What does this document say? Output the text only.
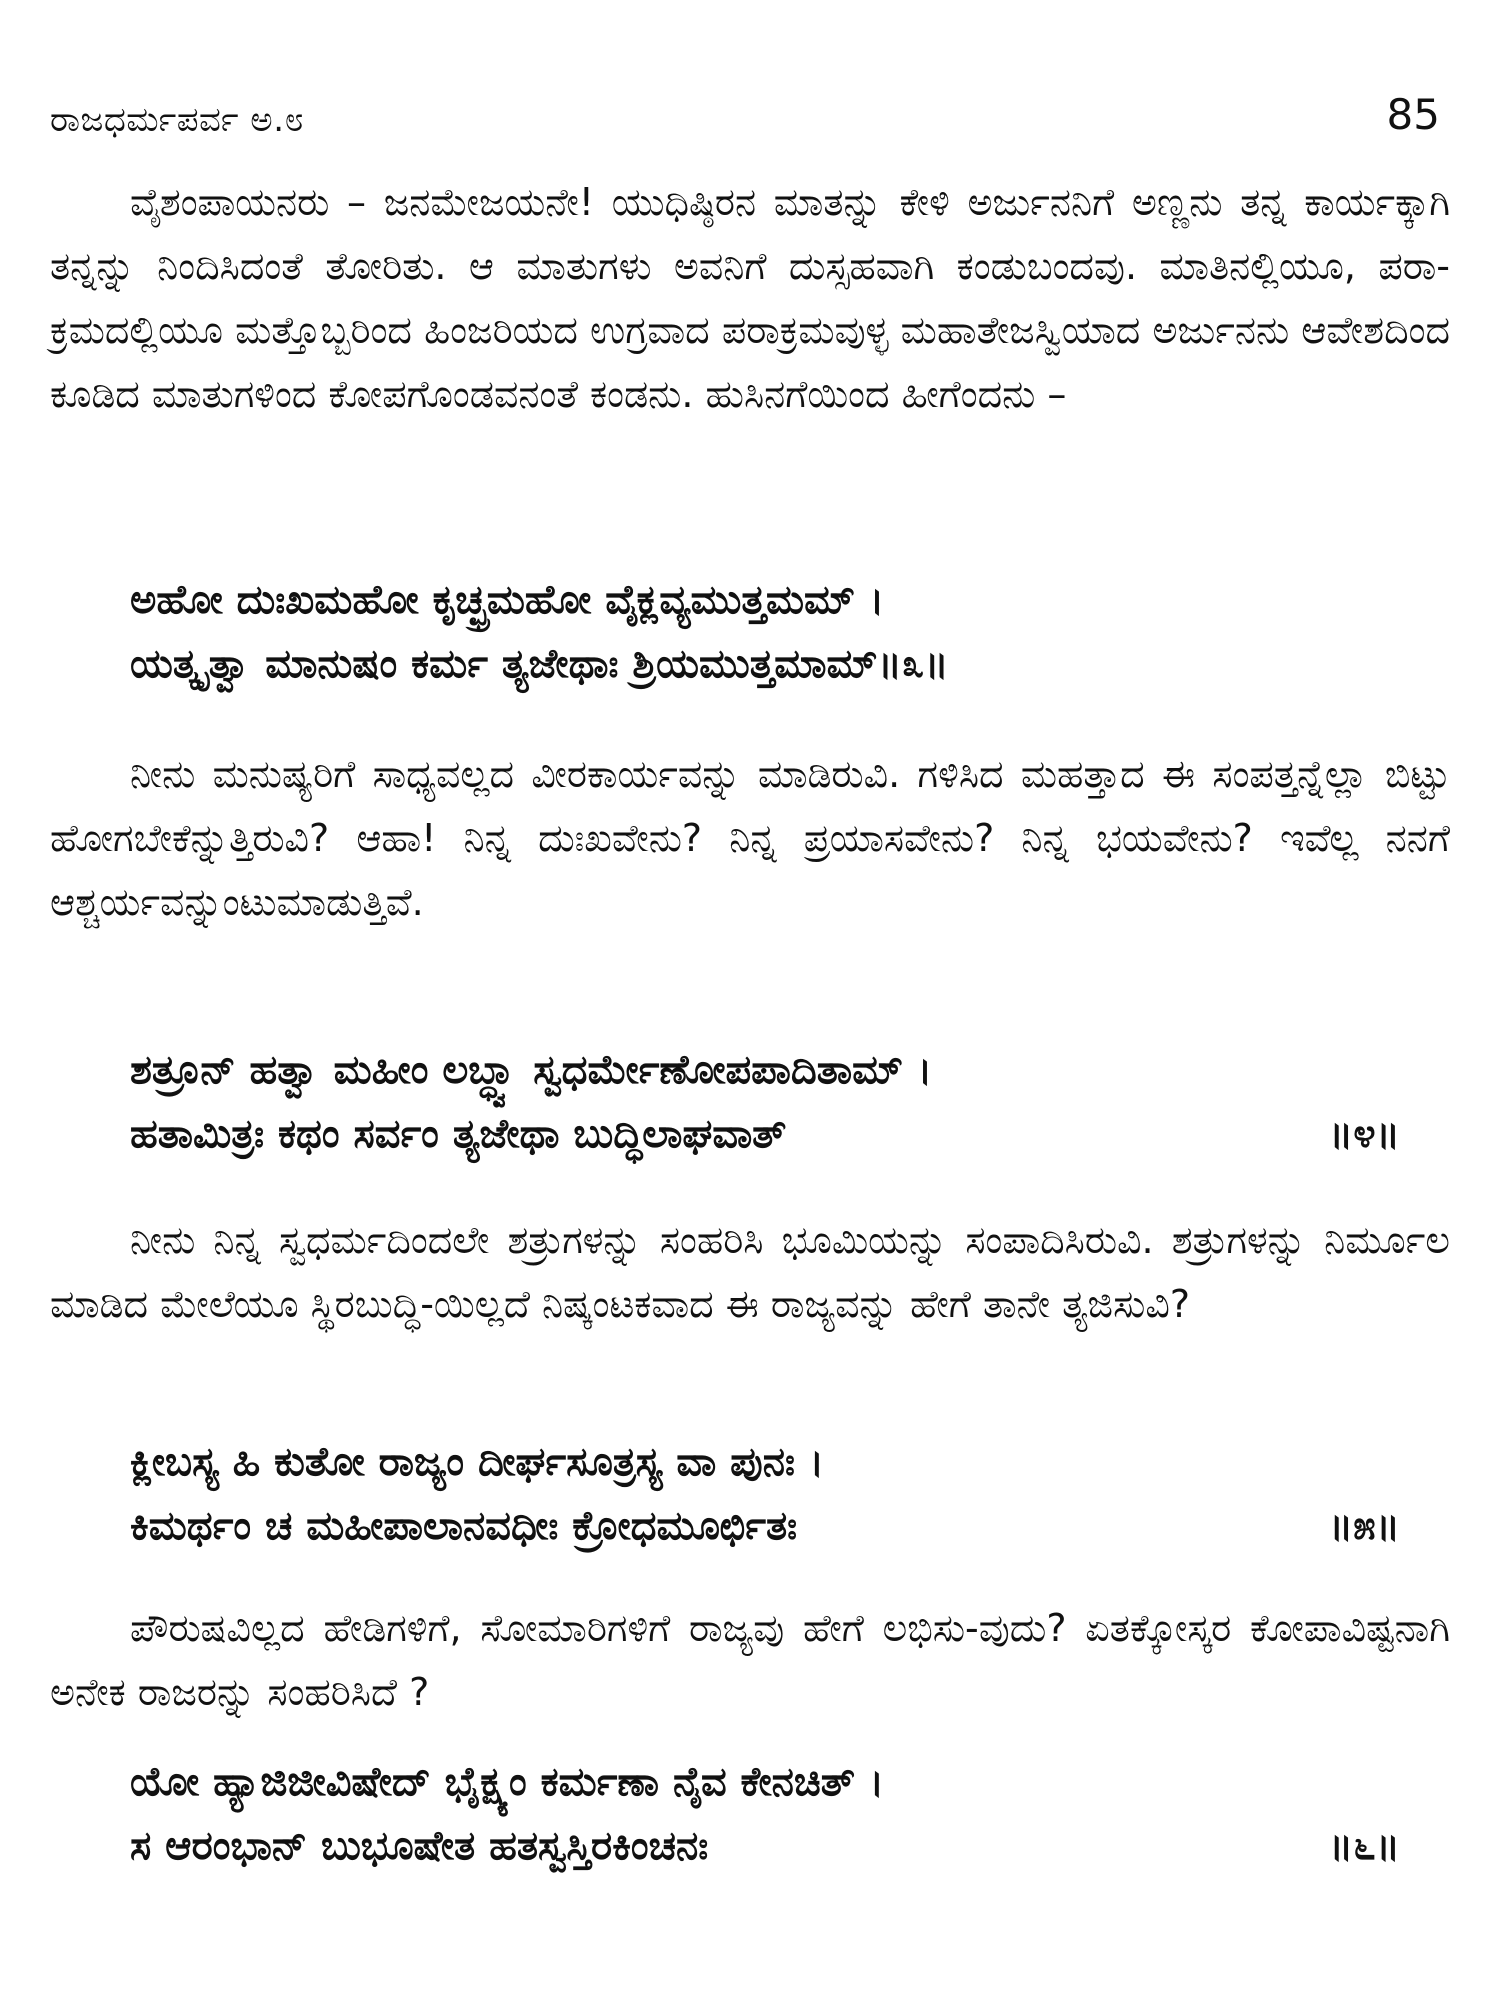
ರಾಜಧರ್ಮಪರ್ವ ಅ.೮	85

ವೈಶಂಪಾಯನರು – ಜನಮೇಜಯನೇ! ಯುಧಿಷ್ಠಿರನ ಮಾತನ್ನು ಕೇಳಿ ಅರ್ಜುನನಿಗೆ ಅಣ್ಣನು ತನ್ನ ಕಾರ್ಯಕ್ಕಾಗಿ ತನ್ನನ್ನು ನಿಂದಿಸಿದಂತೆ ತೋರಿತು. ಆ ಮಾತುಗಳು ಅವನಿಗೆ ದುಸ್ಸಹವಾಗಿ ಕಂಡುಬಂದವು. ಮಾತಿನಲ್ಲಿಯೂ, ಪರಾ-ಕ್ರಮದಲ್ಲಿಯೂ ಮತ್ತೊಬ್ಬರಿಂದ ಹಿಂಜರಿಯದ ಉಗ್ರವಾದ ಪರಾಕ್ರಮವುಳ್ಳ ಮಹಾತೇಜಸ್ವಿಯಾದ ಅರ್ಜುನನು ಆವೇಶದಿಂದ ಕೂಡಿದ ಮಾತುಗಳಿಂದ ಕೋಪಗೊಂಡವನಂತೆ ಕಂಡನು. ಹುಸಿನಗೆಯಿಂದ ಹೀಗೆಂದನು –

ಅಹೋ ದುಃಖಮಹೋ ಕೃಚ್ಛ್ರಮಹೋ ವೈಕ್ಲವ್ಯಮುತ್ತಮಮ್ ।
ಯತ್ಕೃತ್ವಾ ಮಾನುಷಂ ಕರ್ಮ ತ್ಯಜೇಥಾಃ ಶ್ರಿಯಮುತ್ತಮಾಮ್॥೩॥

ನೀನು ಮನುಷ್ಯರಿಗೆ ಸಾಧ್ಯವಲ್ಲದ ವೀರಕಾರ್ಯವನ್ನು ಮಾಡಿರುವಿ. ಗಳಿಸಿದ ಮಹತ್ತಾದ ಈ ಸಂಪತ್ತನ್ನೆಲ್ಲಾ ಬಿಟ್ಟು ಹೋಗಬೇಕೆನ್ನುತ್ತಿರುವಿ? ಆಹಾ! ನಿನ್ನ ದುಃಖವೇನು? ನಿನ್ನ ಪ್ರಯಾಸವೇನು? ನಿನ್ನ ಭಯವೇನು? ಇವೆಲ್ಲ ನನಗೆ ಆಶ್ಚರ್ಯವನ್ನುಂಟುಮಾಡುತ್ತಿವೆ.

ಶತ್ರೂನ್ ಹತ್ವಾ ಮಹೀಂ ಲಬ್ಧ್ವಾ ಸ್ವಧರ್ಮೇಣೋಪಪಾದಿತಾಮ್ ।
ಹತಾಮಿತ್ರಃ ಕಥಂ ಸರ್ವಂ ತ್ಯಜೇಥಾ ಬುದ್ಧಿಲಾಘವಾತ್	॥೪॥

ನೀನು ನಿನ್ನ ಸ್ವಧರ್ಮದಿಂದಲೇ ಶತ್ರುಗಳನ್ನು ಸಂಹರಿಸಿ ಭೂಮಿಯನ್ನು ಸಂಪಾದಿಸಿರುವಿ. ಶತ್ರುಗಳನ್ನು ನಿರ್ಮೂಲ ಮಾಡಿದ ಮೇಲೆಯೂ ಸ್ಥಿರಬುದ್ಧಿ-ಯಿಲ್ಲದೆ ನಿಷ್ಕಂಟಕವಾದ ಈ ರಾಜ್ಯವನ್ನು ಹೇಗೆ ತಾನೇ ತ್ಯಜಿಸುವಿ?

ಕ್ಲೀಬಸ್ಯ ಹಿ ಕುತೋ ರಾಜ್ಯಂ ದೀರ್ಘಸೂತ್ರಸ್ಯ ವಾ ಪುನಃ ।
ಕಿಮರ್ಥಂ ಚ ಮಹೀಪಾಲಾನವಧೀಃ ಕ್ರೋಧಮೂರ್ಛಿತಃ	॥೫॥

ಪೌರುಷವಿಲ್ಲದ ಹೇಡಿಗಳಿಗೆ, ಸೋಮಾರಿಗಳಿಗೆ ರಾಜ್ಯವು ಹೇಗೆ ಲಭಿಸು-ವುದು? ಏತಕ್ಕೋಸ್ಕರ ಕೋಪಾವಿಷ್ಟನಾಗಿ ಅನೇಕ ರಾಜರನ್ನು ಸಂಹರಿಸಿದೆ ?

ಯೋ ಹ್ಯಾಜಿಜೀವಿಷೇದ್ ಭೈಕ್ಷ್ಯಂ ಕರ್ಮಣಾ ನೈವ ಕೇನಚಿತ್ ।
ಸ ಆರಂಭಾನ್ ಬುಭೂಷೇತ ಹತಸ್ವಸ್ತಿರಕಿಂಚನಃ	॥೬॥
